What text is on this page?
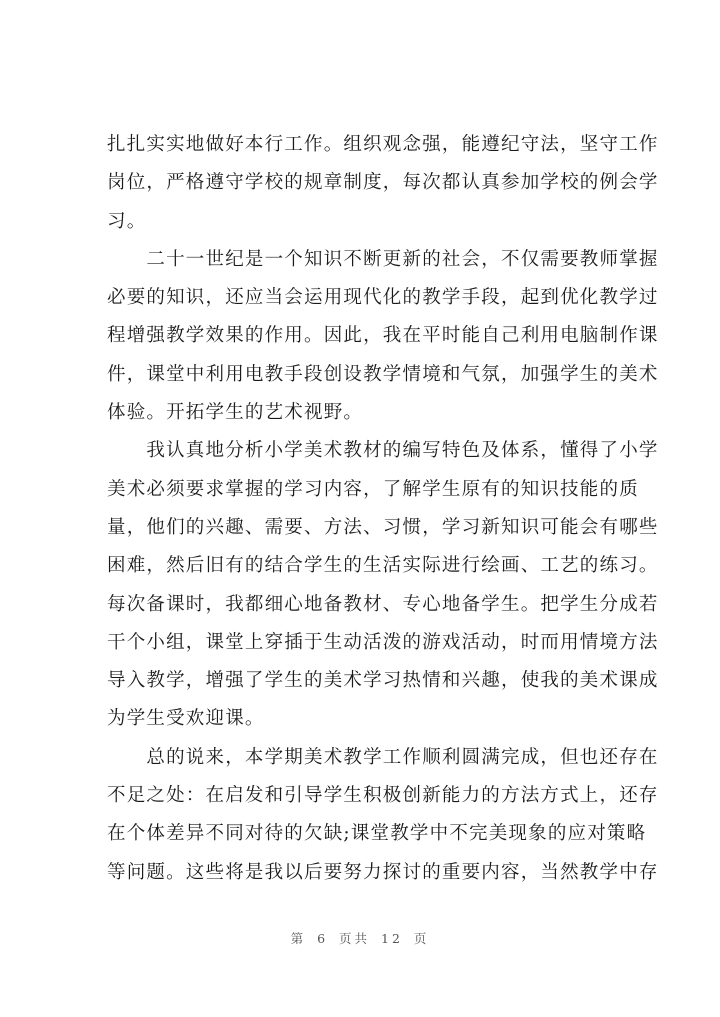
扎扎实实地做好本行工作。组织观念强，能遵纪守法，坚守工作
岗位，严格遵守学校的规章制度，每次都认真参加学校的例会学
习。

　　二十一世纪是一个知识不断更新的社会，不仅需要教师掌握
必要的知识，还应当会运用现代化的教学手段，起到优化教学过
程增强教学效果的作用。因此，我在平时能自己利用电脑制作课
件，课堂中利用电教手段创设教学情境和气氛，加强学生的美术
体验。开拓学生的艺术视野。

　　我认真地分析小学美术教材的编写特色及体系，懂得了小学
美术必须要求掌握的学习内容，了解学生原有的知识技能的质
量，他们的兴趣、需要、方法、习惯，学习新知识可能会有哪些
困难，然后旧有的结合学生的生活实际进行绘画、工艺的练习。
每次备课时，我都细心地备教材、专心地备学生。把学生分成若
干个小组，课堂上穿插于生动活泼的游戏活动，时而用情境方法
导入教学，增强了学生的美术学习热情和兴趣，使我的美术课成
为学生受欢迎课。

　　总的说来，本学期美术教学工作顺利圆满完成，但也还存在
不足之处：在启发和引导学生积极创新能力的方法方式上，还存
在个体差异不同对待的欠缺;课堂教学中不完美现象的应对策略
等问题。这些将是我以后要努力探讨的重要内容，当然教学中存

第 6 页共 12 页
